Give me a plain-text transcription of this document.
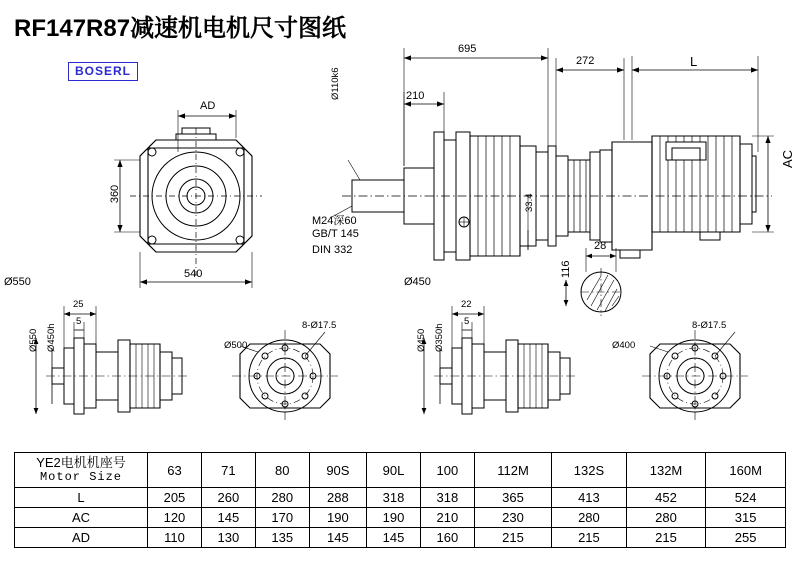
RF147R87减速机电机尺寸图纸
BOSERL
AD
360
540
695
272	L
210
Ø110k6
33.4
AC
28
116
M24深60
GB/T 145
DIN 332
Ø550	Ø450
25
5
22
5
8-Ø17.5	8-Ø17.5
Ø500	Ø400
Ø550 Ø450h	Ø450 Ø350h
YE2电机机座号
Motor Size	63	71	80	90S	90L	100	112M	132S	132M	160M
L	205	260	280	288	318	318	365	413	452	524
AC	120	145	170	190	190	210	230	280	280	315
AD	110	130	135	145	145	160	215	215	215	255
